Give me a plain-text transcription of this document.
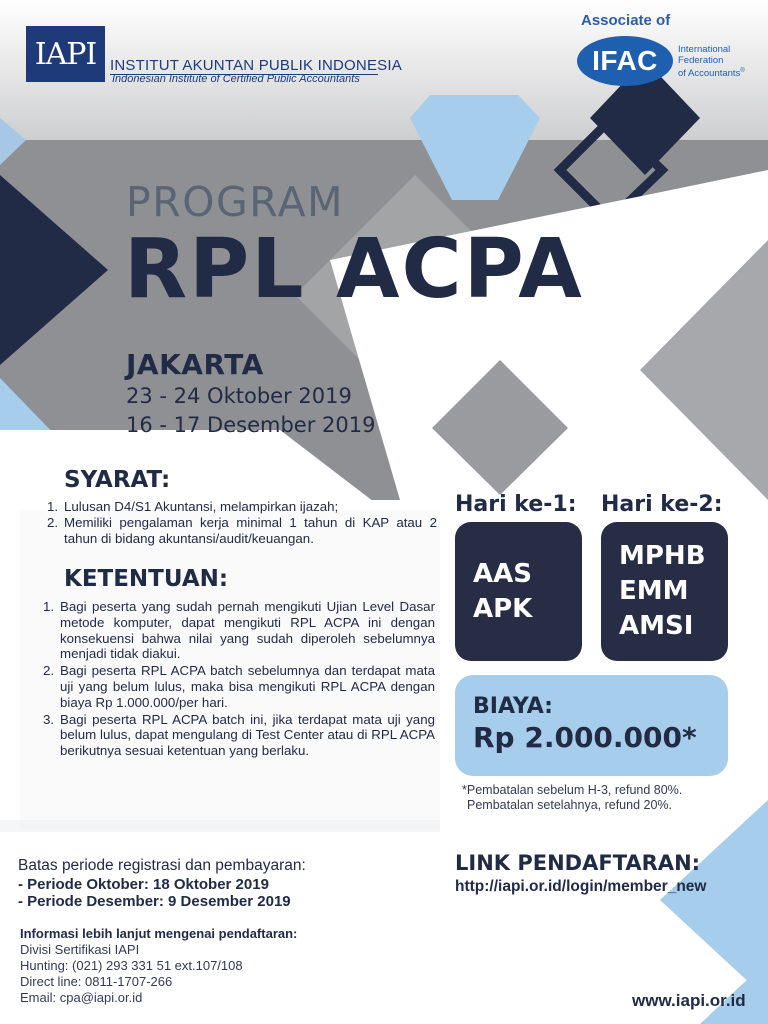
IAPI INSTITUT AKUNTAN PUBLIK INDONESIA
Indonesian Institute of Certified Public Accountants
Associate of
IFAC International
Federation
of Accountants®
PROGRAM
RPL ACPA
JAKARTA
23 - 24 Oktober 2019
16 - 17 Desember 2019
SYARAT:
1. Lulusan D4/S1 Akuntansi, melampirkan ijazah;
2. Memiliki pengalaman kerja minimal 1 tahun di KAP atau 2 tahun di bidang akuntansi/audit/keuangan.
KETENTUAN:
1. Bagi peserta yang sudah pernah mengikuti Ujian Level Dasar metode komputer, dapat mengikuti RPL ACPA ini dengan konsekuensi bahwa nilai yang sudah diperoleh sebelumnya menjadi tidak diakui.
2. Bagi peserta RPL ACPA batch sebelumnya dan terdapat mata uji yang belum lulus, maka bisa mengikuti RPL ACPA dengan biaya Rp 1.000.000/per hari.
3. Bagi peserta RPL ACPA batch ini, jika terdapat mata uji yang belum lulus, dapat mengulang di Test Center atau di RPL ACPA berikutnya sesuai ketentuan yang berlaku.
Batas periode registrasi dan pembayaran:
- Periode Oktober: 18 Oktober 2019
- Periode Desember: 9 Desember 2019
Informasi lebih lanjut mengenai pendaftaran:
Divisi Sertifikasi IAPI
Hunting: (021) 293 331 51 ext.107/108
Direct line: 0811-1707-266
Email: cpa@iapi.or.id
Hari ke-1: Hari ke-2:
AAS
APK
MPHB
EMM
AMSI
BIAYA:
Rp 2.000.000*
*Pembatalan sebelum H-3, refund 80%.
Pembatalan setelahnya, refund 20%.
LINK PENDAFTARAN:
http://iapi.or.id/login/member_new
www.iapi.or.id
